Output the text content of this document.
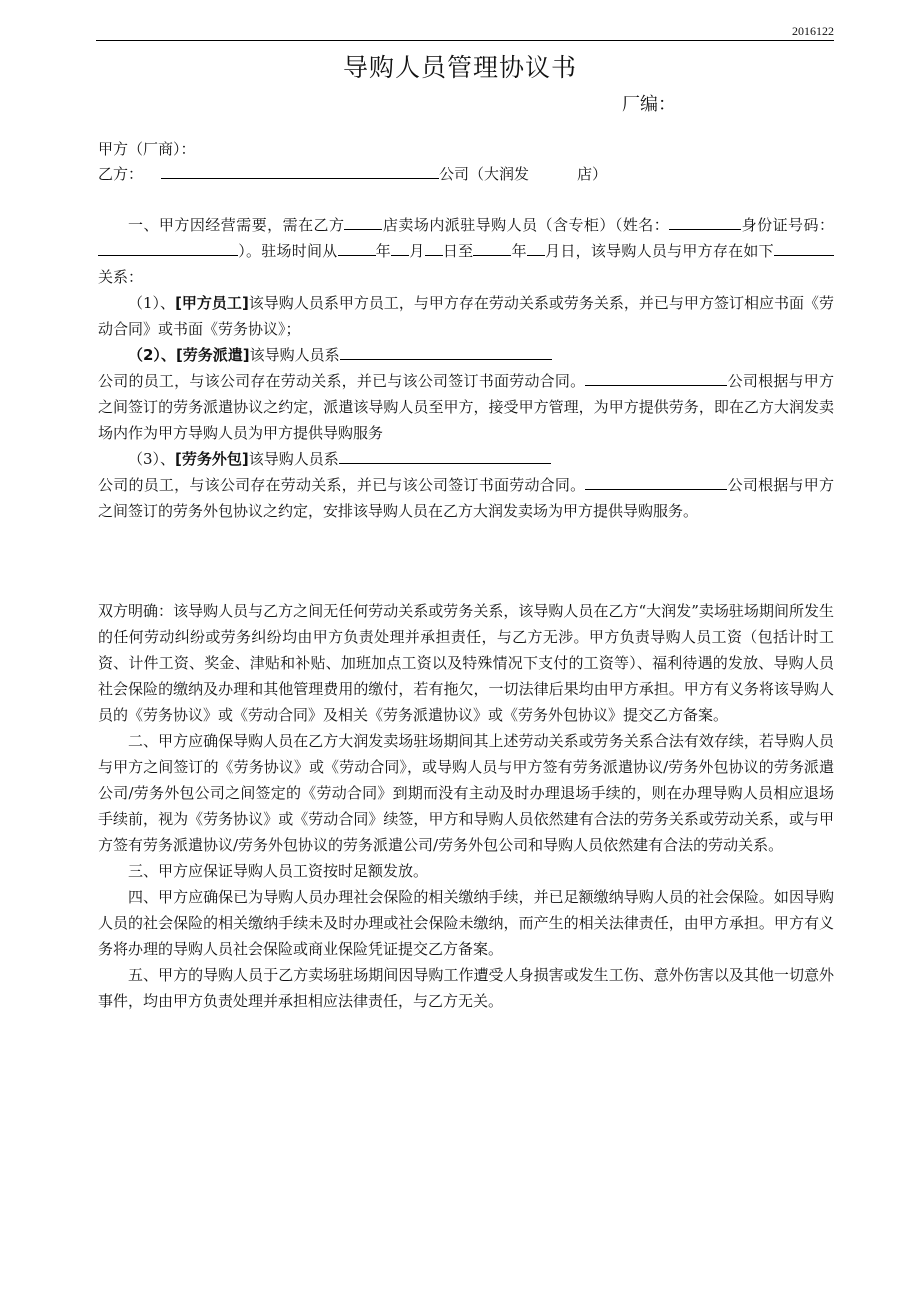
2016122
导购人员管理协议书
厂编：
甲方（厂商）：
乙方：	公司（大润发	店）

一、甲方因经营需要，需在乙方	店卖场内派驻导购人员（含专柜）（姓名：	身份证号码：）。驻场时间从	年 月 日至	年 月日，该导购人员与甲方存在如下关系：

（1）、[甲方员工]该导购人员系甲方员工，与甲方存在劳动关系或劳务关系，并已与甲方签订相应书面《劳动合同》或书面《劳务协议》；

（2）、[劳务派遣]该导购人员系
公司的员工，与该公司存在劳动关系，并已与该公司签订书面劳动合同。	公司根据与甲方之间签订的劳务派遣协议之约定，派遣该导购人员至甲方，接受甲方管理，为甲方提供劳务，即在乙方大润发卖场内作为甲方导购人员为甲方提供导购服务

（3）、[劳务外包]该导购人员系
公司的员工，与该公司存在劳动关系，并已与该公司签订书面劳动合同。	公司根据与甲方之间签订的劳务外包协议之约定，安排该导购人员在乙方大润发卖场为甲方提供导购服务。

双方明确：该导购人员与乙方之间无任何劳动关系或劳务关系，该导购人员在乙方“大润发”卖场驻场期间所发生的任何劳动纠纷或劳务纠纷均由甲方负责处理并承担责任，与乙方无涉。甲方负责导购人员工资（包括计时工资、计件工资、奖金、津贴和补贴、加班加点工资以及特殊情况下支付的工资等）、福利待遇的发放、导购人员社会保险的缴纳及办理和其他管理费用的缴付，若有拖欠，一切法律后果均由甲方承担。甲方有义务将该导购人员的《劳务协议》或《劳动合同》及相关《劳务派遣协议》或《劳务外包协议》提交乙方备案。

二、甲方应确保导购人员在乙方大润发卖场驻场期间其上述劳动关系或劳务关系合法有效存续，若导购人员与甲方之间签订的《劳务协议》或《劳动合同》，或导购人员与甲方签有劳务派遣协议/劳务外包协议的劳务派遣公司/劳务外包公司之间签定的《劳动合同》到期而没有主动及时办理退场手续的，则在办理导购人员相应退场手续前，视为《劳务协议》或《劳动合同》续签，甲方和导购人员依然建有合法的劳务关系或劳动关系，或与甲方签有劳务派遣协议/劳务外包协议的劳务派遣公司/劳务外包公司和导购人员依然建有合法的劳动关系。

三、甲方应保证导购人员工资按时足额发放。

四、甲方应确保已为导购人员办理社会保险的相关缴纳手续，并已足额缴纳导购人员的社会保险。如因导购人员的社会保险的相关缴纳手续未及时办理或社会保险未缴纳，而产生的相关法律责任，由甲方承担。甲方有义务将办理的导购人员社会保险或商业保险凭证提交乙方备案。

五、甲方的导购人员于乙方卖场驻场期间因导购工作遭受人身损害或发生工伤、意外伤害以及其他一切意外事件，均由甲方负责处理并承担相应法律责任，与乙方无关。
